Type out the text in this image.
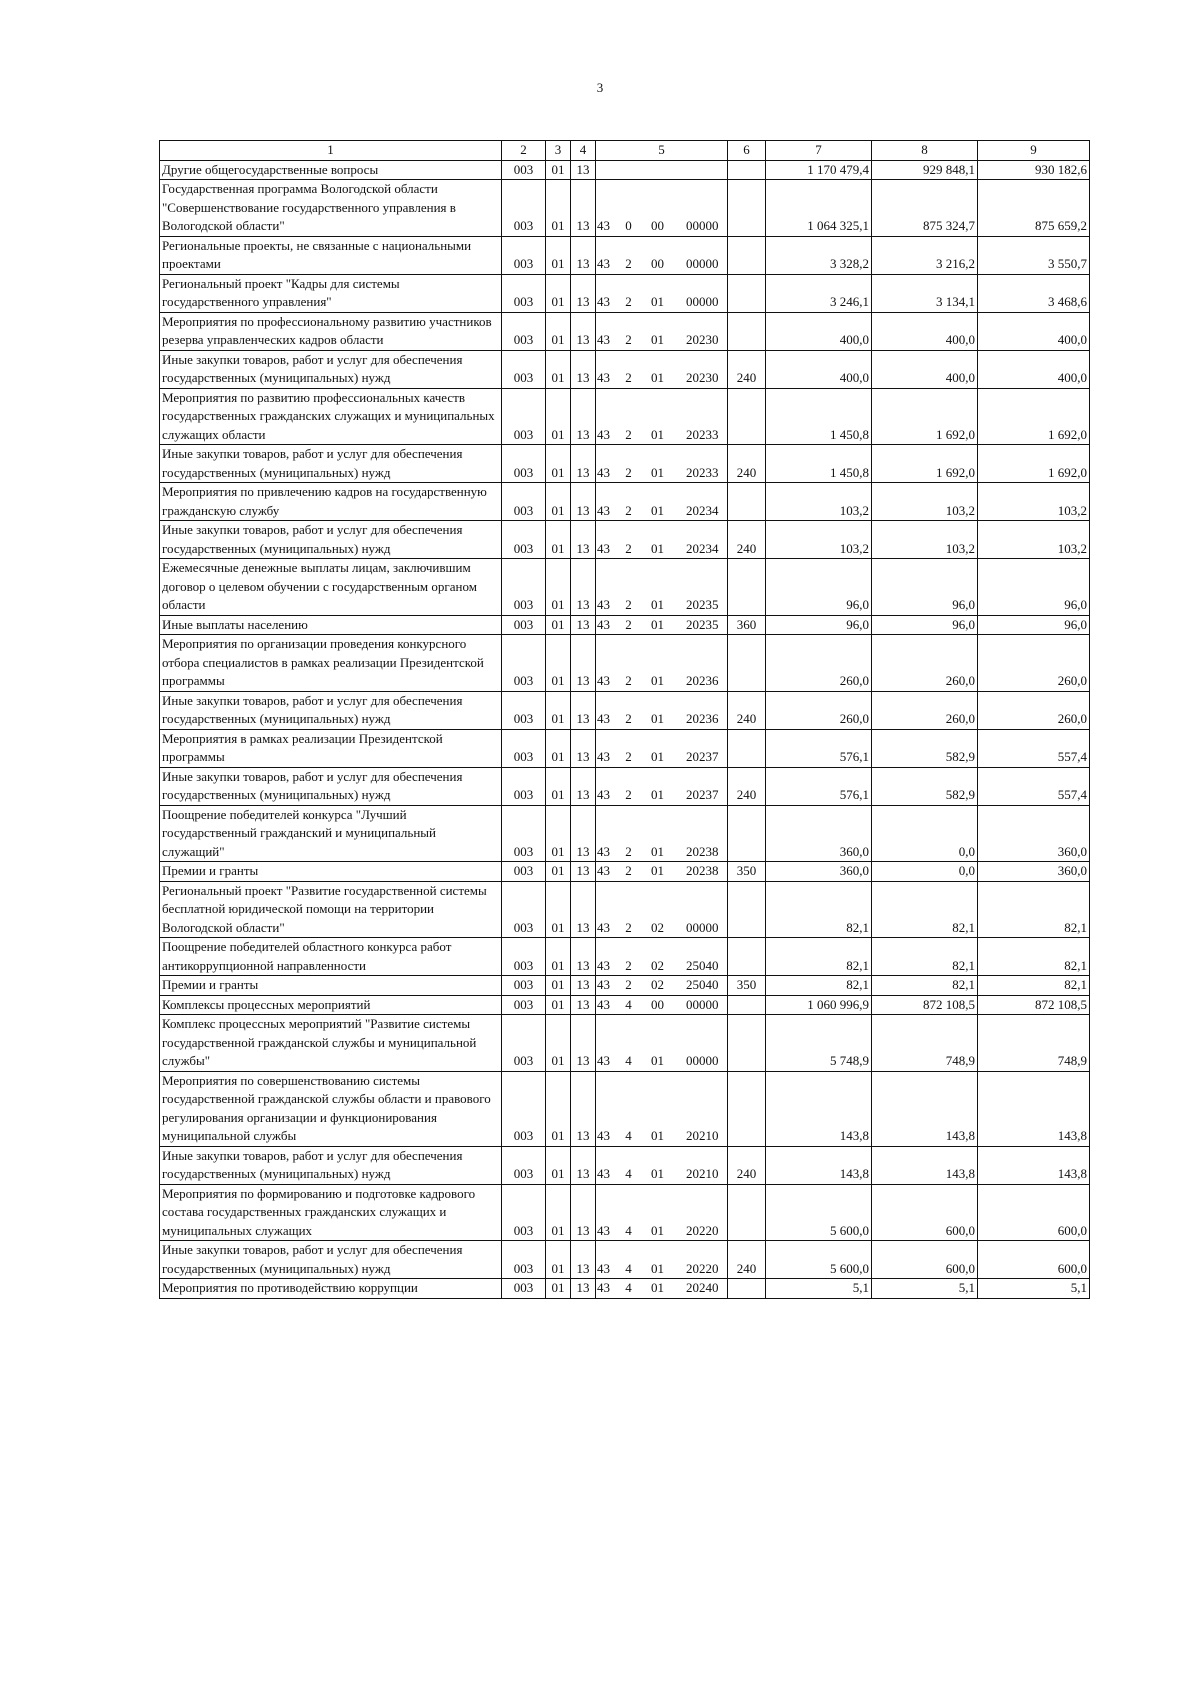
3
1	2	3	4	5				6	7	8	9
Другие общегосударственные вопросы	003	01	13						1 170 479,4	929 848,1	930 182,6
Государственная программа Вологодской области "Совершенствование государственного управления в Вологодской области"	003	01	13	43	0	00	00000		1 064 325,1	875 324,7	875 659,2
Региональные проекты, не связанные с национальными проектами	003	01	13	43	2	00	00000		3 328,2	3 216,2	3 550,7
Региональный проект "Кадры для системы государственного управления"	003	01	13	43	2	01	00000		3 246,1	3 134,1	3 468,6
Мероприятия по профессиональному развитию участников резерва управленческих кадров области	003	01	13	43	2	01	20230		400,0	400,0	400,0
Иные закупки товаров, работ и услуг для обеспечения государственных (муниципальных) нужд	003	01	13	43	2	01	20230	240	400,0	400,0	400,0
Мероприятия по развитию профессиональных качеств государственных гражданских служащих и муниципальных служащих области	003	01	13	43	2	01	20233		1 450,8	1 692,0	1 692,0
Иные закупки товаров, работ и услуг для обеспечения государственных (муниципальных) нужд	003	01	13	43	2	01	20233	240	1 450,8	1 692,0	1 692,0
Мероприятия по привлечению кадров на государственную гражданскую службу	003	01	13	43	2	01	20234		103,2	103,2	103,2
Иные закупки товаров, работ и услуг для обеспечения государственных (муниципальных) нужд	003	01	13	43	2	01	20234	240	103,2	103,2	103,2
Ежемесячные денежные выплаты лицам, заключившим договор о целевом обучении с государственным органом области	003	01	13	43	2	01	20235		96,0	96,0	96,0
Иные выплаты населению	003	01	13	43	2	01	20235	360	96,0	96,0	96,0
Мероприятия по организации проведения конкурсного отбора специалистов в рамках реализации Президентской программы	003	01	13	43	2	01	20236		260,0	260,0	260,0
Иные закупки товаров, работ и услуг для обеспечения государственных (муниципальных) нужд	003	01	13	43	2	01	20236	240	260,0	260,0	260,0
Мероприятия в рамках реализации Президентской программы	003	01	13	43	2	01	20237		576,1	582,9	557,4
Иные закупки товаров, работ и услуг для обеспечения государственных (муниципальных) нужд	003	01	13	43	2	01	20237	240	576,1	582,9	557,4
Поощрение победителей конкурса "Лучший государственный гражданский и муниципальный служащий"	003	01	13	43	2	01	20238		360,0	0,0	360,0
Премии и гранты	003	01	13	43	2	01	20238	350	360,0	0,0	360,0
Региональный проект "Развитие государственной системы бесплатной юридической помощи на территории Вологодской области"	003	01	13	43	2	02	00000		82,1	82,1	82,1
Поощрение победителей областного конкурса работ антикоррупционной направленности	003	01	13	43	2	02	25040		82,1	82,1	82,1
Премии и гранты	003	01	13	43	2	02	25040	350	82,1	82,1	82,1
Комплексы процессных мероприятий	003	01	13	43	4	00	00000		1 060 996,9	872 108,5	872 108,5
Комплекс процессных мероприятий "Развитие системы государственной гражданской службы и муниципальной службы"	003	01	13	43	4	01	00000		5 748,9	748,9	748,9
Мероприятия по совершенствованию системы государственной гражданской службы области и правового регулирования организации и функционирования муниципальной службы	003	01	13	43	4	01	20210		143,8	143,8	143,8
Иные закупки товаров, работ и услуг для обеспечения государственных (муниципальных) нужд	003	01	13	43	4	01	20210	240	143,8	143,8	143,8
Мероприятия по формированию и подготовке кадрового состава государственных гражданских служащих и муниципальных служащих	003	01	13	43	4	01	20220		5 600,0	600,0	600,0
Иные закупки товаров, работ и услуг для обеспечения государственных (муниципальных) нужд	003	01	13	43	4	01	20220	240	5 600,0	600,0	600,0
Мероприятия по противодействию коррупции	003	01	13	43	4	01	20240		5,1	5,1	5,1
